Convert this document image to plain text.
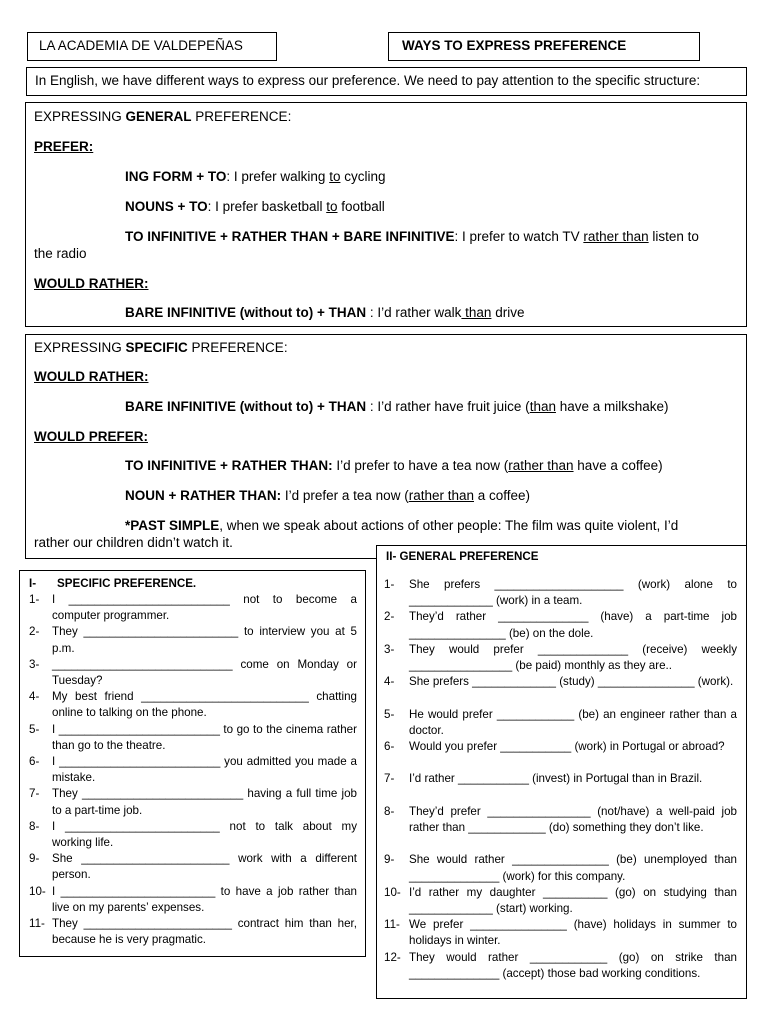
LA ACADEMIA DE VALDEPEÑAS	WAYS TO EXPRESS PREFERENCE
In English, we have different ways to express our preference. We need to pay attention to the specific structure:
EXPRESSING GENERAL PREFERENCE:
PREFER:
ING FORM + TO: I prefer walking to cycling
NOUNS + TO: I prefer basketball to football
TO INFINITIVE + RATHER THAN + BARE INFINITIVE: I prefer to watch TV rather than listen to
the radio
WOULD RATHER:
BARE INFINITIVE (without to) + THAN : I’d rather walk than drive
EXPRESSING SPECIFIC PREFERENCE:
WOULD RATHER:
BARE INFINITIVE (without to) + THAN : I’d rather have fruit juice (than have a milkshake)
WOULD PREFER:
TO INFINITIVE + RATHER THAN: I’d prefer to have a tea now (rather than have a coffee)
NOUN + RATHER THAN: I’d prefer a tea now (rather than a coffee)
*PAST SIMPLE, when we speak about actions of other people: The film was quite violent, I’d
rather our children didn’t watch it.
I- SPECIFIC PREFERENCE.
1- I _________________________ not to become a computer programmer.
2- They ________________________ to interview you at 5 p.m.
3- ____________________________ come on Monday or Tuesday?
4- My best friend __________________________ chatting online to talking on the phone.
5- I _________________________ to go to the cinema rather than go to the theatre.
6- I _________________________ you admitted you made a mistake.
7- They _________________________ having a full time job to a part-time job.
8- I ________________________ not to talk about my working life.
9- She _______________________ work with a different person.
10- I ________________________ to have a job rather than live on my parents’ expenses.
11- They _______________________ contract him than her, because he is very pragmatic.
II- GENERAL PREFERENCE
1- She prefers ____________________ (work) alone to _____________ (work) in a team.
2- They’d rather ______________ (have) a part-time job _______________ (be) on the dole.
3- They would prefer ______________ (receive) weekly ________________ (be paid) monthly as they are..
4- She prefers _____________ (study) _______________ (work).
5- He would prefer ____________ (be) an engineer rather than a doctor.
6- Would you prefer ___________ (work) in Portugal or abroad?
7- I’d rather ___________ (invest) in Portugal than in Brazil.
8- They’d prefer ________________ (not/have) a well-paid job rather than ____________ (do) something they don’t like.
9- She would rather _______________ (be) unemployed than ______________ (work) for this company.
10- I’d rather my daughter __________ (go) on studying than _____________ (start) working.
11- We prefer _______________ (have) holidays in summer to holidays in winter.
12- They would rather ____________ (go) on strike than ______________ (accept) those bad working conditions.
